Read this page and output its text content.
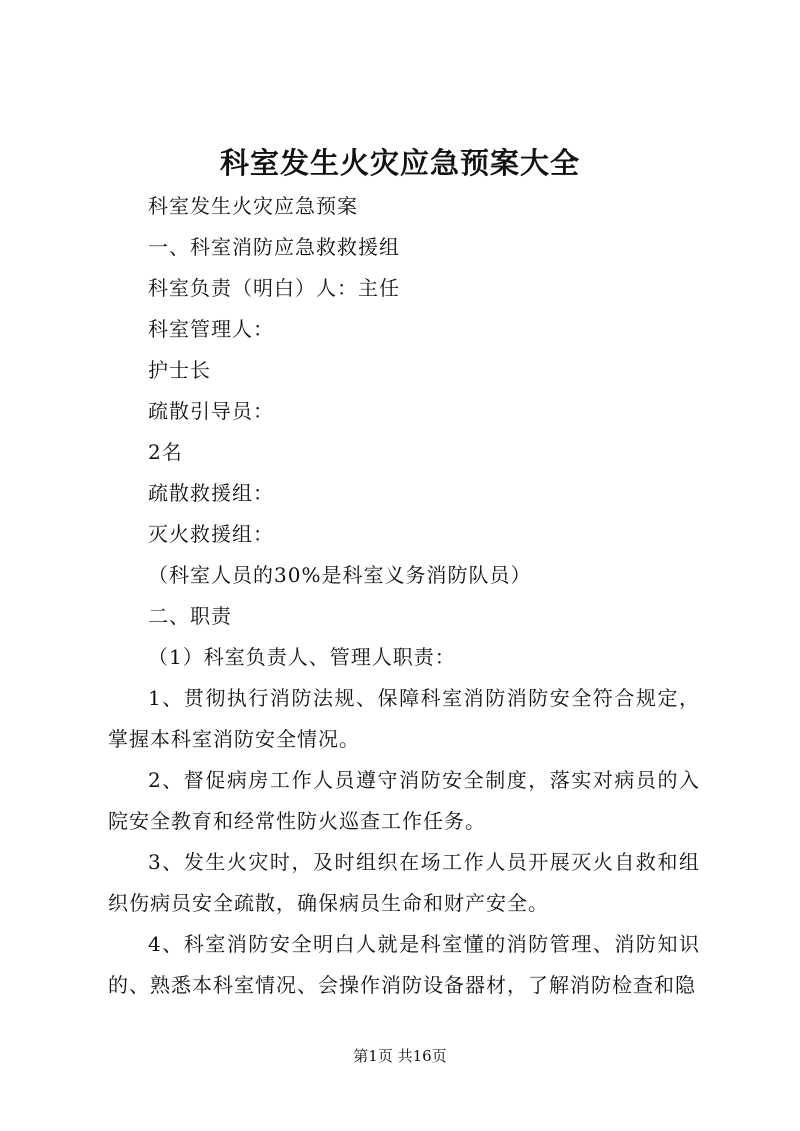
科室发生火灾应急预案大全
科室发生火灾应急预案
一、科室消防应急救救援组
科室负责（明白）人：主任
科室管理人：
护士长
疏散引导员：
2名
疏散救援组：
灭火救援组：
（科室人员的30%是科室义务消防队员）
二、职责
（1）科室负责人、管理人职责：
1、贯彻执行消防法规、保障科室消防消防安全符合规定，掌握本科室消防安全情况。
2、督促病房工作人员遵守消防安全制度，落实对病员的入院安全教育和经常性防火巡查工作任务。
3、发生火灾时，及时组织在场工作人员开展灭火自救和组织伤病员安全疏散，确保病员生命和财产安全。
4、科室消防安全明白人就是科室懂的消防管理、消防知识的、熟悉本科室情况、会操作消防设备器材，了解消防检查和隐
第1页 共16页
